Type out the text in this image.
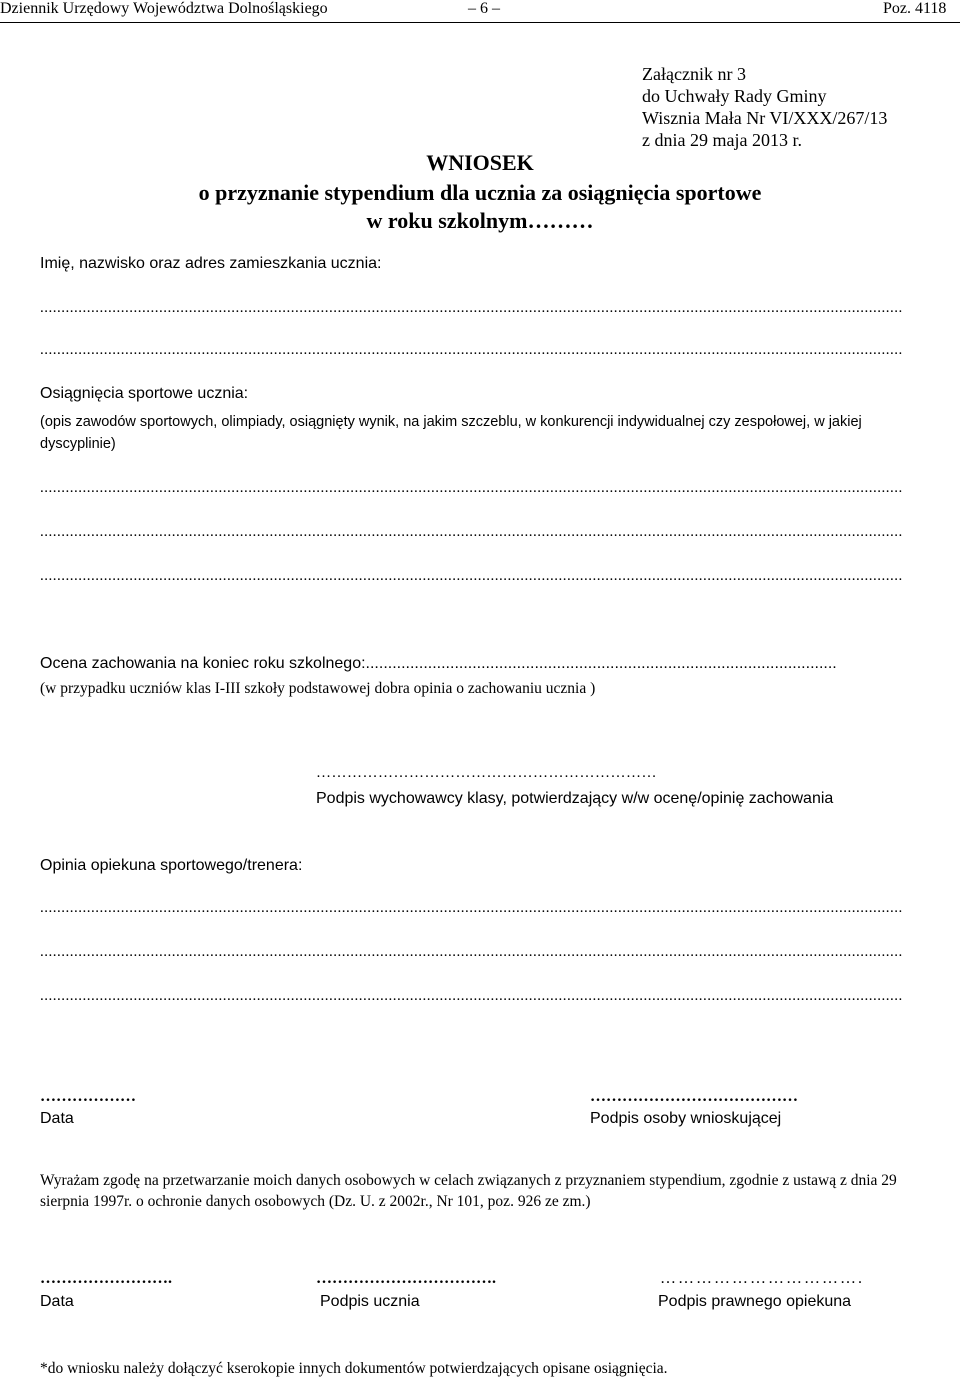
Dziennik Urzędowy Województwa Dolnośląskiego	– 6 –	Poz. 4118
Załącznik nr 3
do Uchwały Rady Gminy
Wisznia Mała Nr VI/XXX/267/13
z dnia 29 maja 2013 r.
WNIOSEK
o przyznanie stypendium dla ucznia za osiągnięcia sportowe
w roku szkolnym………
Imię, nazwisko oraz adres zamieszkania ucznia:
...........................................................................................................................................................................................................
...........................................................................................................................................................................................................
Osiągnięcia sportowe ucznia:
(opis zawodów sportowych, olimpiady, osiągnięty wynik, na jakim szczeblu, w konkurencji indywidualnej czy zespołowej, w jakiej dyscyplinie)
...........................................................................................................................................................................................................
...........................................................................................................................................................................................................
...........................................................................................................................................................................................................
Ocena zachowania na koniec roku szkolnego:..........................................................................................................
(w przypadku uczniów klas I-III szkoły podstawowej dobra opinia o zachowaniu ucznia )
…………………………………………………………
Podpis wychowawcy klasy, potwierdzający w/w ocenę/opinię zachowania
Opinia opiekuna sportowego/trenera:
...........................................................................................................................................................................................................
...........................................................................................................................................................................................................
...........................................................................................................................................................................................................
………………
Data
…………………………………
Podpis osoby wnioskującej
Wyrażam zgodę na przetwarzanie moich danych osobowych w celach związanych z przyznaniem stypendium, zgodnie z ustawą z dnia 29 sierpnia 1997r. o ochronie danych osobowych (Dz. U. z 2002r., Nr 101, poz. 926 ze zm.)
…………………….
Data
…………………………….
Podpis ucznia
…………………………….
Podpis prawnego opiekuna
*do wniosku należy dołączyć kserokopie innych dokumentów potwierdzających opisane osiągnięcia.
